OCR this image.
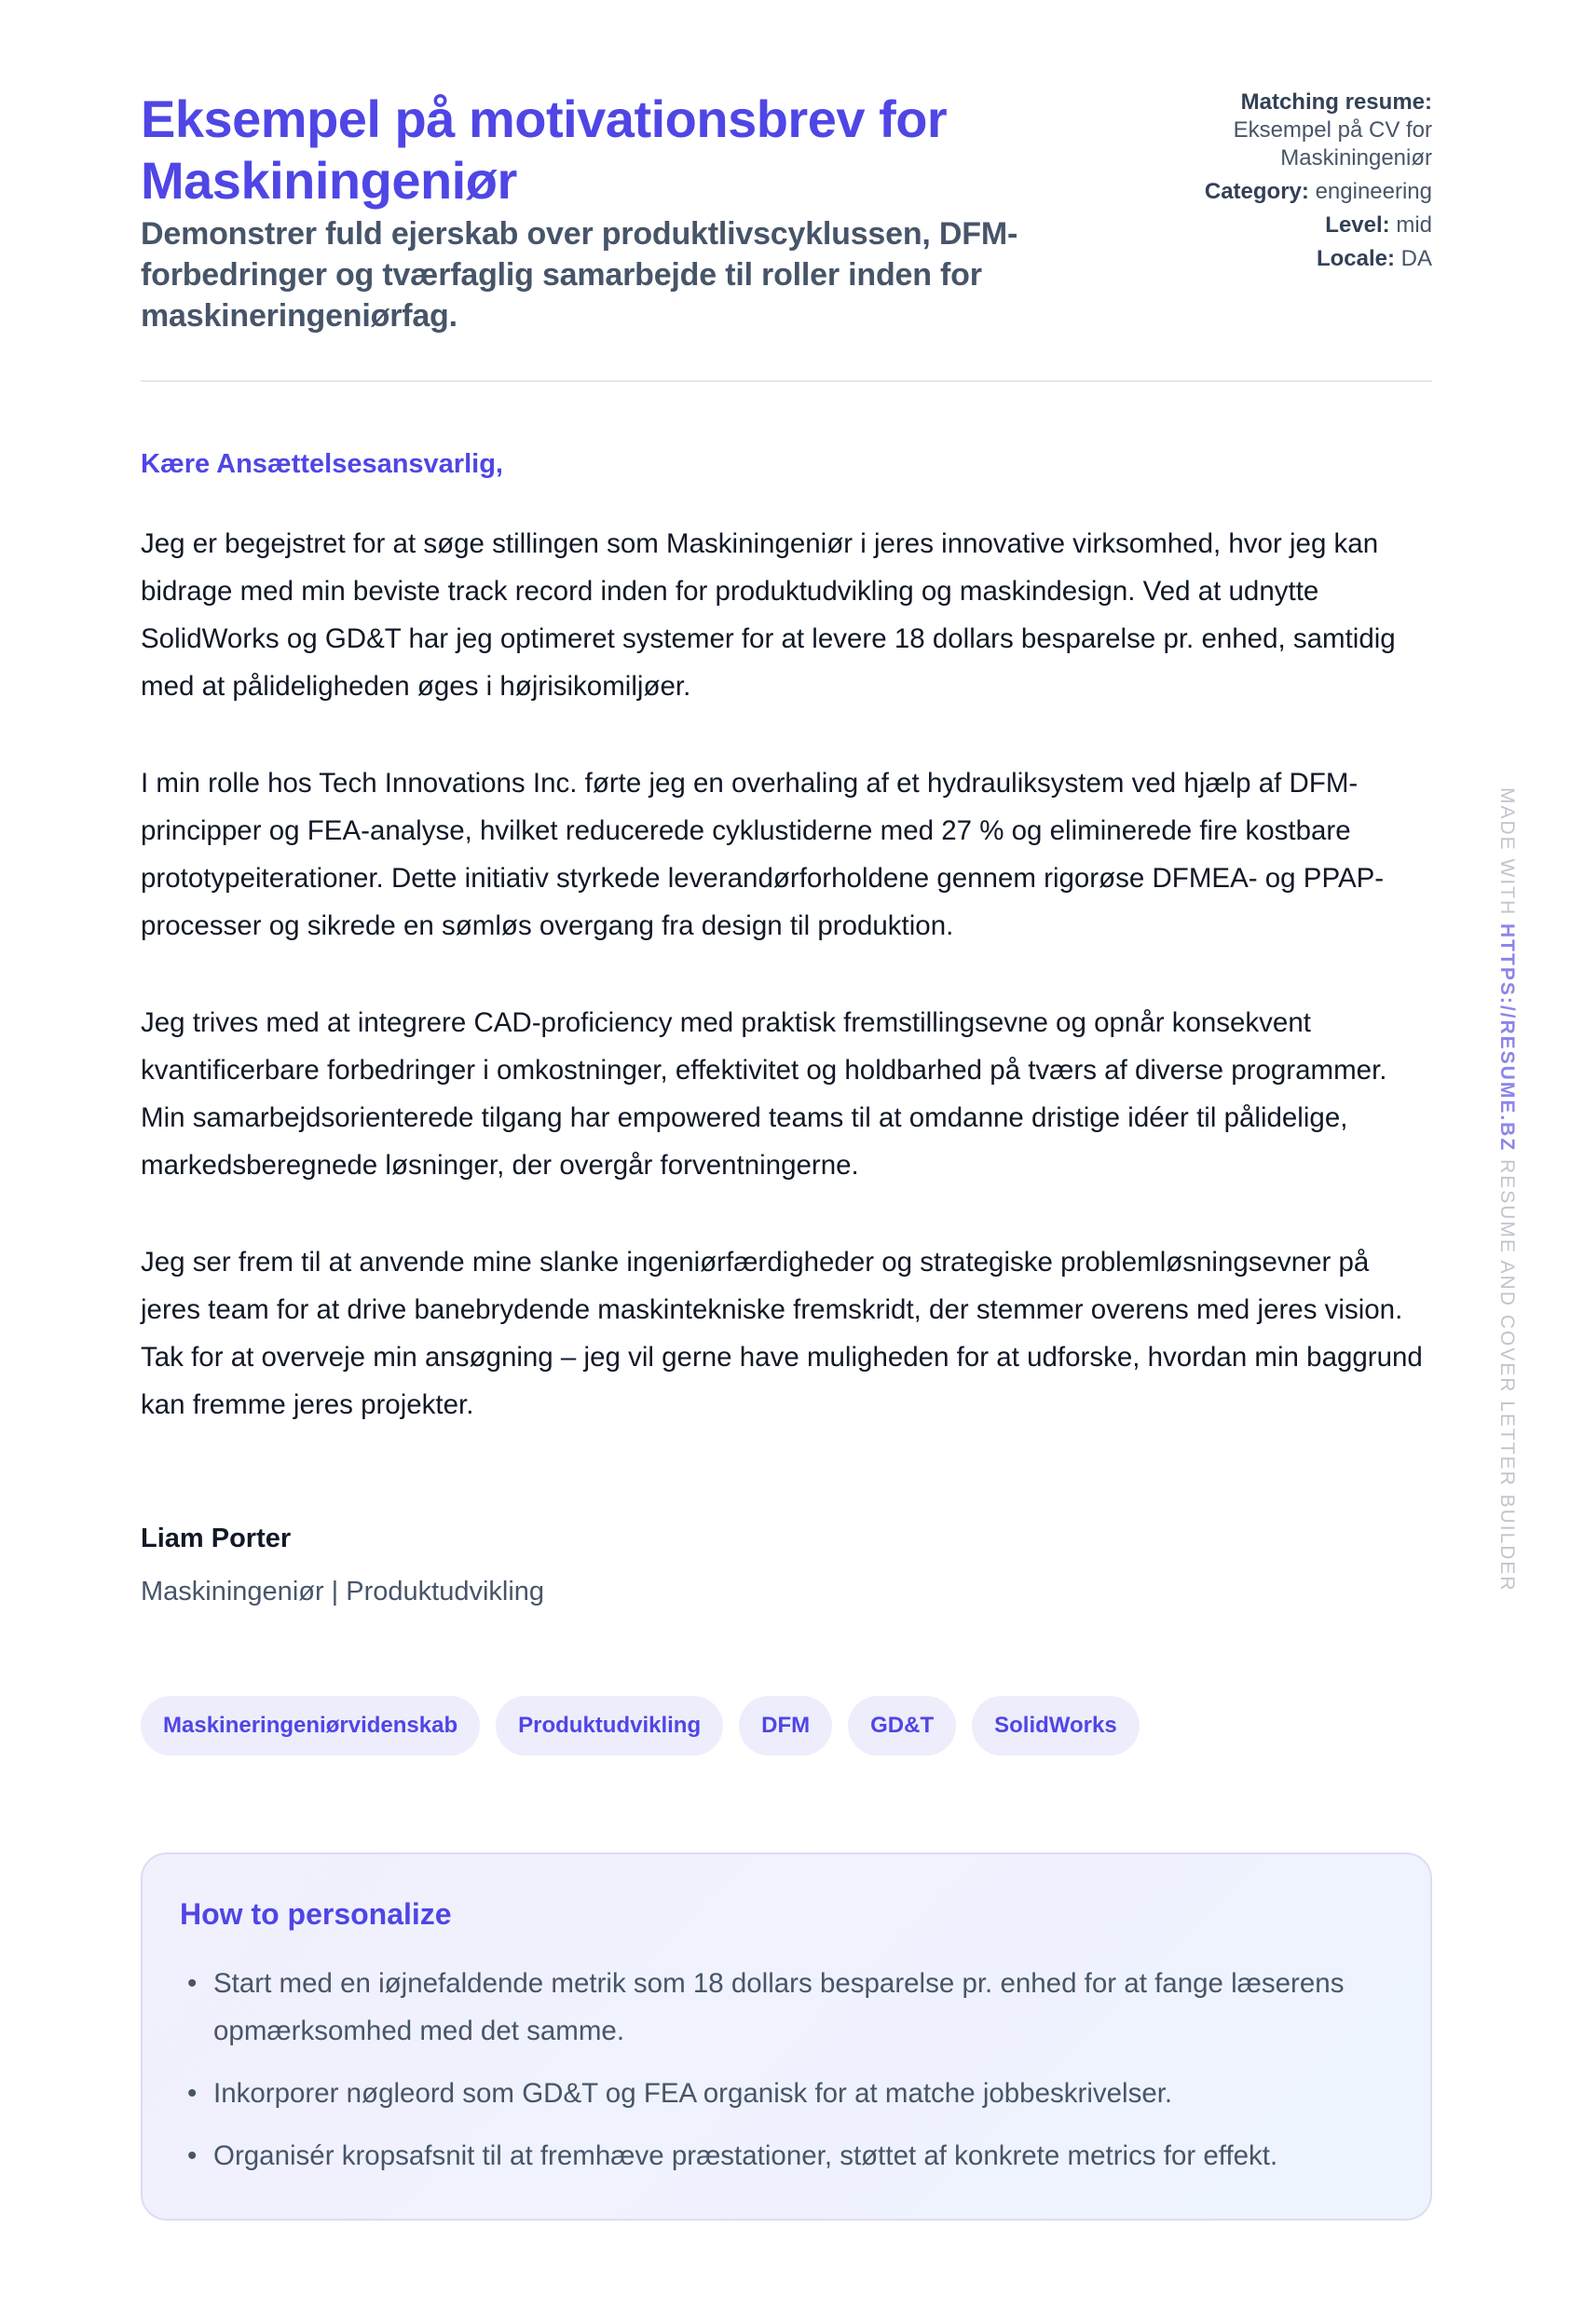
Eksempel på motivationsbrev for Maskiningeniør
Demonstrer fuld ejerskab over produktlivscyklussen, DFM-forbedringer og tværfaglig samarbejde til roller inden for maskineringeniørfag.
Matching resume:
Eksempel på CV for Maskiningeniør
Category: engineering
Level: mid
Locale: DA
Kære Ansættelsesansvarlig,

Jeg er begejstret for at søge stillingen som Maskiningeniør i jeres innovative virksomhed, hvor jeg kan bidrage med min beviste track record inden for produktudvikling og maskindesign. Ved at udnytte SolidWorks og GD&T har jeg optimeret systemer for at levere 18 dollars besparelse pr. enhed, samtidig med at pålideligheden øges i højrisikomiljøer.

I min rolle hos Tech Innovations Inc. førte jeg en overhaling af et hydrauliksystem ved hjælp af DFM-principper og FEA-analyse, hvilket reducerede cyklustiderne med 27 % og eliminerede fire kostbare prototypeiterationer. Dette initiativ styrkede leverandørforholdene gennem rigorøse DFMEA- og PPAP-processer og sikrede en sømløs overgang fra design til produktion.

Jeg trives med at integrere CAD-proficiency med praktisk fremstillingsevne og opnår konsekvent kvantificerbare forbedringer i omkostninger, effektivitet og holdbarhed på tværs af diverse programmer. Min samarbejdsorienterede tilgang har empowered teams til at omdanne dristige idéer til pålidelige, markedsberegnede løsninger, der overgår forventningerne.

Jeg ser frem til at anvende mine slanke ingeniørfærdigheder og strategiske problemløsningsevner på jeres team for at drive banebrydende maskintekniske fremskridt, der stemmer overens med jeres vision. Tak for at overveje min ansøgning – jeg vil gerne have muligheden for at udforske, hvordan min baggrund kan fremme jeres projekter.

Liam Porter
Maskiningeniør | Produktudvikling
Maskineringeniørvidenskab	Produktudvikling	DFM	GD&T	SolidWorks
How to personalize
• Start med en iøjnefaldende metrik som 18 dollars besparelse pr. enhed for at fange læserens opmærksomhed med det samme.
• Inkorporer nøgleord som GD&T og FEA organisk for at matche jobbeskrivelser.
• Organisér kropsafsnit til at fremhæve præstationer, støttet af konkrete metrics for effekt.
MADE WITH HTTPS://RESUME.BZ RESUME AND COVER LETTER BUILDER
